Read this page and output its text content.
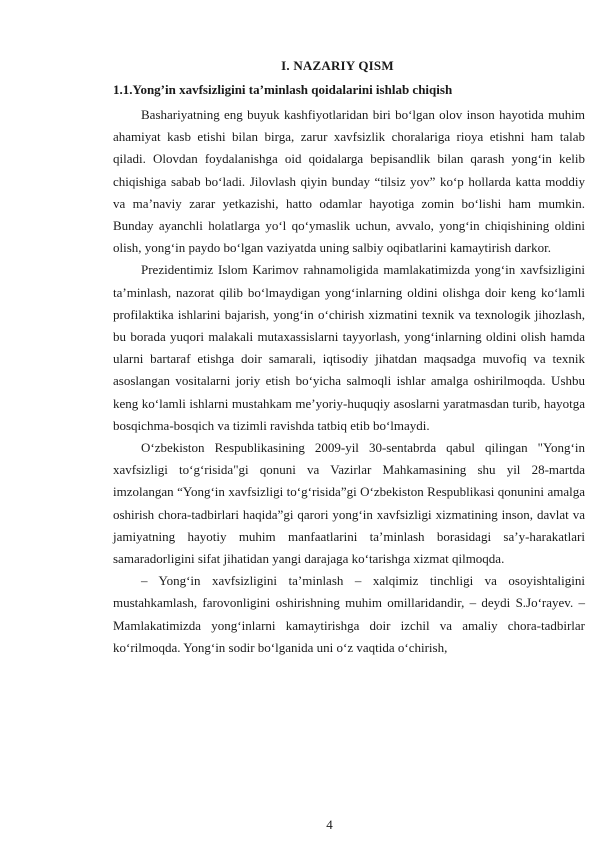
I. NAZARIY QISM
1.1.Yong’in xavfsizligini ta’minlash qoidalarini ishlab chiqish

Bashariyatning eng buyuk kashfiyotlaridan biri bo‘lgan olov inson hayotida muhim ahamiyat kasb etishi bilan birga, zarur xavfsizlik choralariga rioya etishni ham talab qiladi. Olovdan foydalanishga oid qoidalarga bepisandlik bilan qarash yong‘in kelib chiqishiga sabab bo‘ladi. Jilovlash qiyin bunday “tilsiz yov” ko‘p hollarda katta moddiy va ma’naviy zarar yetkazishi, hatto odamlar hayotiga zomin bo‘lishi ham mumkin. Bunday ayanchli holatlarga yo‘l qo‘ymaslik uchun, avvalo, yong‘in chiqishining oldini olish, yong‘in paydo bo‘lgan vaziyatda uning salbiy oqibatlarini kamaytirish darkor.

Prezidentimiz Islom Karimov rahnamoligida mamlakatimizda yong‘in xavfsizligini ta’minlash, nazorat qilib bo‘lmaydigan yong‘inlarning oldini olishga doir keng ko‘lamli profilaktika ishlarini bajarish, yong‘in o‘chirish xizmatini texnik va texnologik jihozlash, bu borada yuqori malakali mutaxassislarni tayyorlash, yong‘inlarning oldini olish hamda ularni bartaraf etishga doir samarali, iqtisodiy jihatdan maqsadga muvofiq va texnik asoslangan vositalarni joriy etish bo‘yicha salmoqli ishlar amalga oshirilmoqda. Ushbu keng ko‘lamli ishlarni mustahkam me’yoriy-huquqiy asoslarni yaratmasdan turib, hayotga bosqichma-bosqich va tizimli ravishda tatbiq etib bo‘lmaydi.

O‘zbekiston Respublikasining 2009-yil 30-sentabrda qabul qilingan "Yong‘in xavfsizligi to‘g‘risida"gi qonuni va Vazirlar Mahkamasining shu yil 28-martda imzolangan “Yong‘in xavfsizligi to‘g‘risida”gi O‘zbekiston Respublikasi qonunini amalga oshirish chora-tadbirlari haqida”gi qarori yong‘in xavfsizligi xizmatining inson, davlat va jamiyatning hayotiy muhim manfaatlarini ta’minlash borasidagi sa’y-harakatlari samaradorligini sifat jihatidan yangi darajaga ko‘tarishga xizmat qilmoqda.

– Yong‘in xavfsizligini ta’minlash – xalqimiz tinchligi va osoyishtaligini mustahkamlash, farovonligini oshirishning muhim omillaridandir, – deydi S.Jo‘rayev. – Mamlakatimizda yong‘inlarni kamaytirishga doir izchil va amaliy chora-tadbirlar ko‘rilmoqda. Yong‘in sodir bo‘lganida uni o‘z vaqtida o‘chirish,

4
